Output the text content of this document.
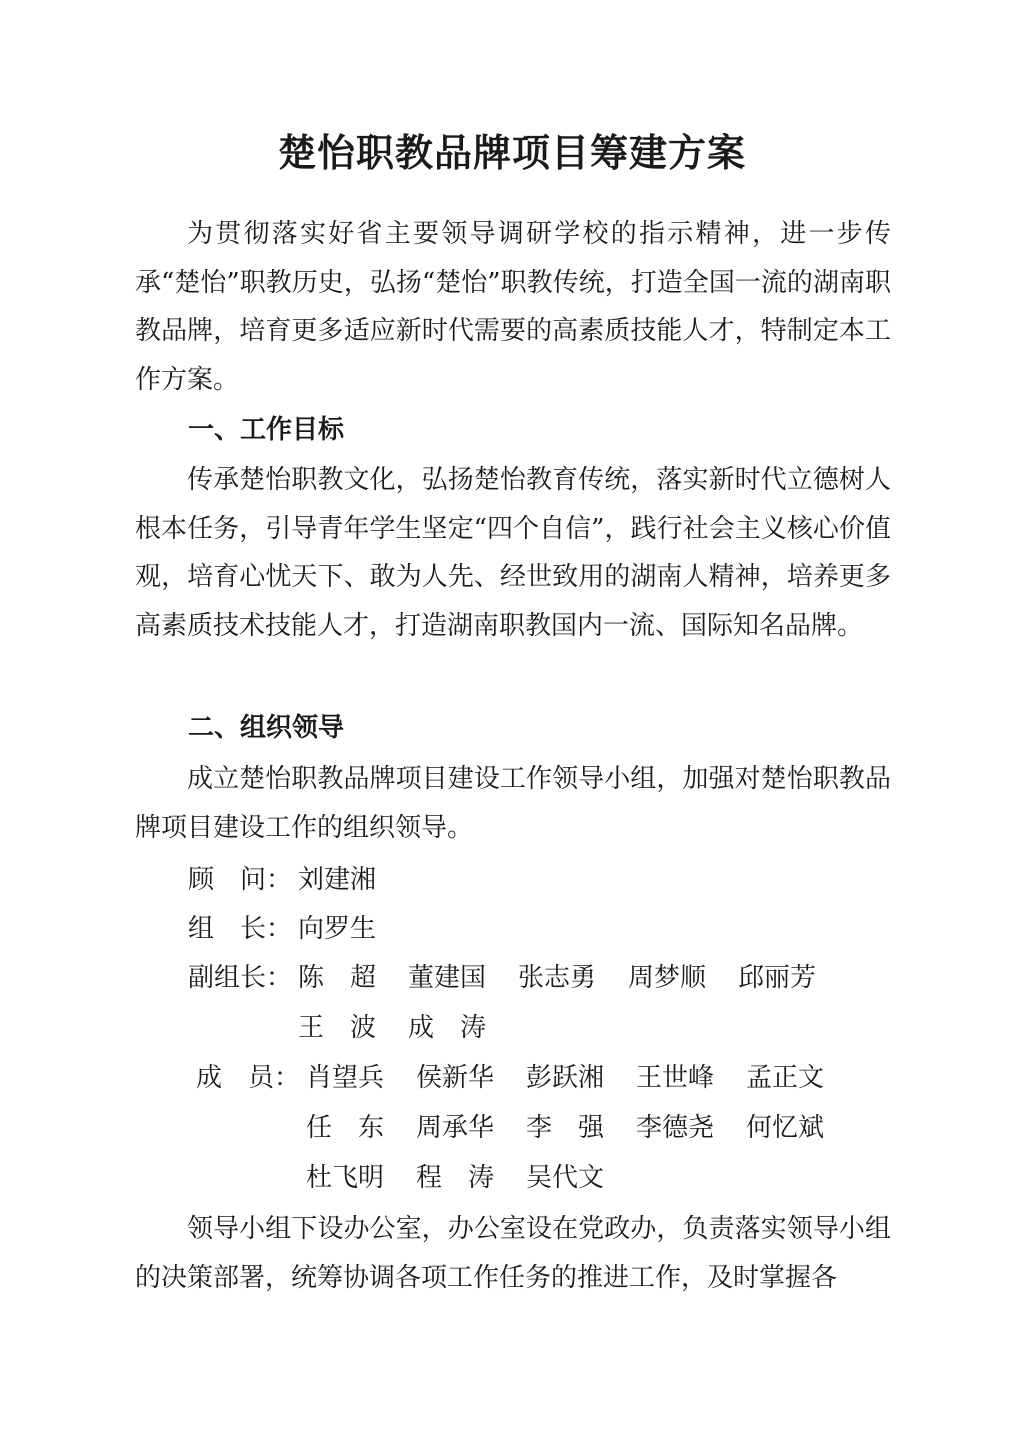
楚怡职教品牌项目筹建方案

为贯彻落实好省主要领导调研学校的指示精神，进一步传承“楚怡”职教历史，弘扬“楚怡”职教传统，打造全国一流的湖南职教品牌，培育更多适应新时代需要的高素质技能人才，特制定本工作方案。

一、工作目标

传承楚怡职教文化，弘扬楚怡教育传统，落实新时代立德树人根本任务，引导青年学生坚定“四个自信”，践行社会主义核心价值观，培育心忧天下、敢为人先、经世致用的湖南人精神，培养更多高素质技术技能人才，打造湖南职教国内一流、国际知名品牌。

二、组织领导

成立楚怡职教品牌项目建设工作领导小组，加强对楚怡职教品牌项目建设工作的组织领导。

顾　问： 刘建湘
组　长： 向罗生
副组长： 陈　超 董建国 张志勇 周梦顺 邱丽芳
王　波 成　涛
成　员： 肖望兵 侯新华 彭跃湘 王世峰 孟正文
任　东 周承华 李　强 李德尧 何忆斌
杜飞明 程　涛 吴代文

领导小组下设办公室，办公室设在党政办，负责落实领导小组的决策部署，统筹协调各项工作任务的推进工作，及时掌握各
